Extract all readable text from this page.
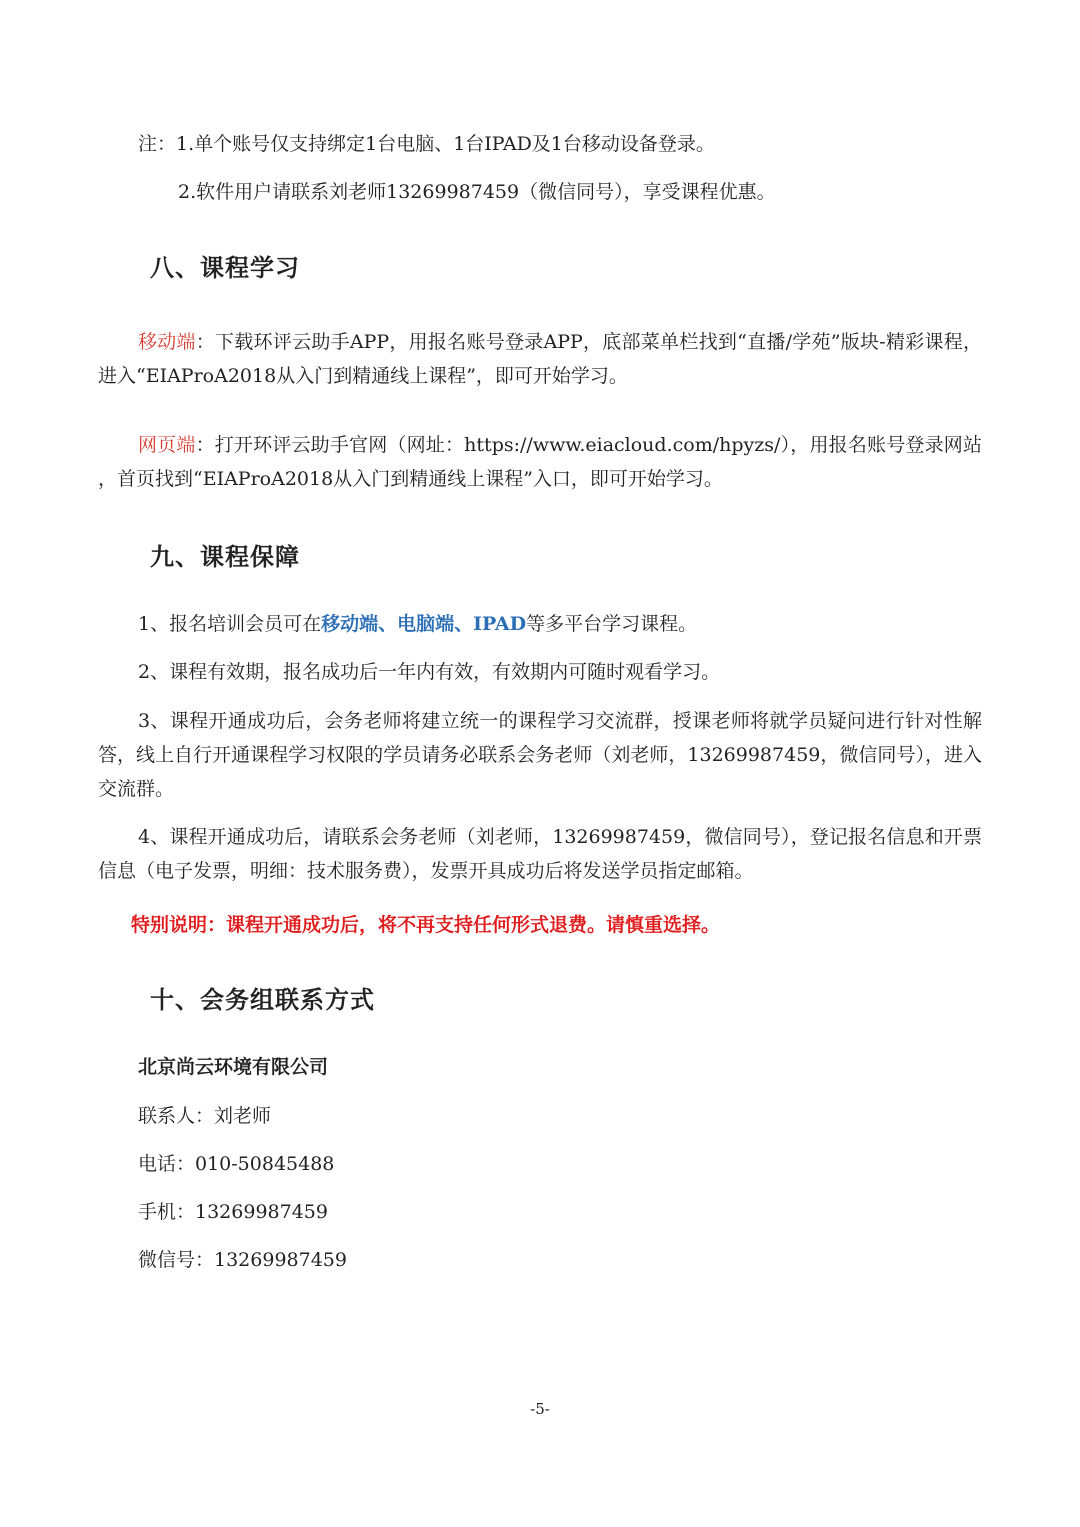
注：1.单个账号仅支持绑定1台电脑、1台IPAD及1台移动设备登录。
2.软件用户请联系刘老师13269987459（微信同号），享受课程优惠。
八、课程学习
移动端：下载环评云助手APP，用报名账号登录APP，底部菜单栏找到“直播/学苑”版块-精彩课程，进入“EIAProA2018从入门到精通线上课程”，即可开始学习。
网页端：打开环评云助手官网（网址：https://www.eiacloud.com/hpyzs/），用报名账号登录网站 ，首页找到“EIAProA2018从入门到精通线上课程”入口，即可开始学习。
九、课程保障
1、报名培训会员可在移动端、电脑端、IPAD等多平台学习课程。
2、课程有效期，报名成功后一年内有效，有效期内可随时观看学习。
3、课程开通成功后，会务老师将建立统一的课程学习交流群，授课老师将就学员疑问进行针对性解答，线上自行开通课程学习权限的学员请务必联系会务老师（刘老师，13269987459，微信同号），进入交流群。
4、课程开通成功后，请联系会务老师（刘老师，13269987459，微信同号），登记报名信息和开票信息（电子发票，明细：技术服务费），发票开具成功后将发送学员指定邮箱。
特别说明：课程开通成功后，将不再支持任何形式退费。请慎重选择。
十、会务组联系方式
北京尚云环境有限公司
联系人：刘老师
电话：010-50845488
手机：13269987459
微信号：13269987459
-5-
